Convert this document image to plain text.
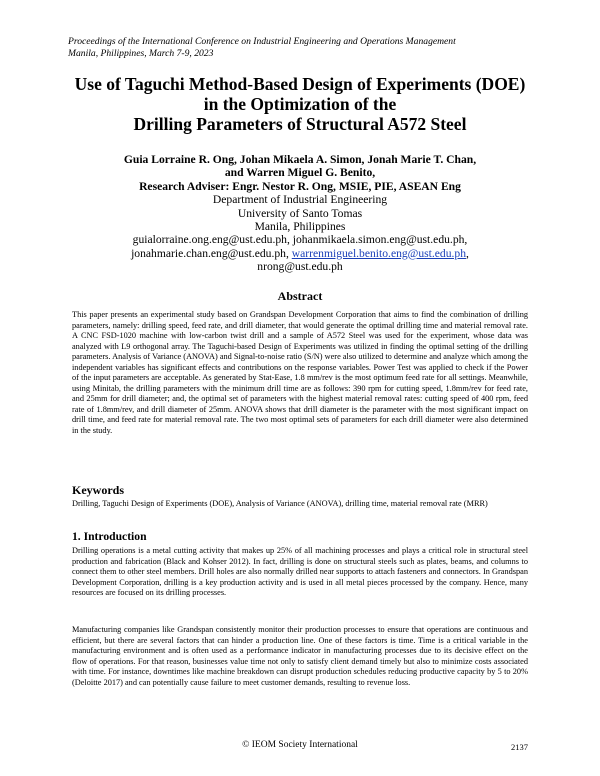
Proceedings of the International Conference on Industrial Engineering and Operations Management
Manila, Philippines, March 7-9, 2023
Use of Taguchi Method-Based Design of Experiments (DOE)
in the Optimization of the
Drilling Parameters of Structural A572 Steel
Guia Lorraine R. Ong, Johan Mikaela A. Simon, Jonah Marie T. Chan,
and Warren Miguel G. Benito,
Research Adviser: Engr. Nestor R. Ong, MSIE, PIE, ASEAN Eng
Department of Industrial Engineering
University of Santo Tomas
Manila, Philippines
guialorraine.ong.eng@ust.edu.ph, johanmikaela.simon.eng@ust.edu.ph,
jonahmarie.chan.eng@ust.edu.ph, warrenmiguel.benito.eng@ust.edu.ph,
nrong@ust.edu.ph
Abstract
This paper presents an experimental study based on Grandspan Development Corporation that aims to find the combination of drilling parameters, namely: drilling speed, feed rate, and drill diameter, that would generate the optimal drilling time and material removal rate. A CNC FSD-1020 machine with low-carbon twist drill and a sample of A572 Steel was used for the experiment, whose data was analyzed with L9 orthogonal array. The Taguchi-based Design of Experiments was utilized in finding the optimal setting of the drilling parameters. Analysis of Variance (ANOVA) and Signal-to-noise ratio (S/N) were also utilized to determine and analyze which among the independent variables has significant effects and contributions on the response variables. Power Test was applied to check if the Power of the input parameters are acceptable. As generated by Stat-Ease, 1.8 mm/rev is the most optimum feed rate for all settings. Meanwhile, using Minitab, the drilling parameters with the minimum drill time are as follows: 390 rpm for cutting speed, 1.8mm/rev for feed rate, and 25mm for drill diameter; and, the optimal set of parameters with the highest material removal rates: cutting speed of 400 rpm, feed rate of 1.8mm/rev, and drill diameter of 25mm. ANOVA shows that drill diameter is the parameter with the most significant impact on drill time, and feed rate for material removal rate. The two most optimal sets of parameters for each drill diameter were also determined in the study.
Keywords
Drilling, Taguchi Design of Experiments (DOE), Analysis of Variance (ANOVA), drilling time, material removal rate (MRR)
1. Introduction
Drilling operations is a metal cutting activity that makes up 25% of all machining processes and plays a critical role in structural steel production and fabrication (Black and Kohser 2012). In fact, drilling is done on structural steels such as plates, beams, and columns to connect them to other steel members. Drill holes are also normally drilled near supports to attach fasteners and connectors. In Grandspan Development Corporation, drilling is a key production activity and is used in all metal pieces processed by the company. Hence, many resources are focused on its drilling processes.
Manufacturing companies like Grandspan consistently monitor their production processes to ensure that operations are continuous and efficient, but there are several factors that can hinder a production line. One of these factors is time. Time is a critical variable in the manufacturing environment and is often used as a performance indicator in manufacturing processes due to its decisive effect on the flow of operations. For that reason, businesses value time not only to satisfy client demand timely but also to minimize costs associated with time. For instance, downtimes like machine breakdown can disrupt production schedules reducing productive capacity by 5 to 20% (Deloitte 2017) and can potentially cause failure to meet customer demands, resulting to revenue loss.
© IEOM Society International	2137
